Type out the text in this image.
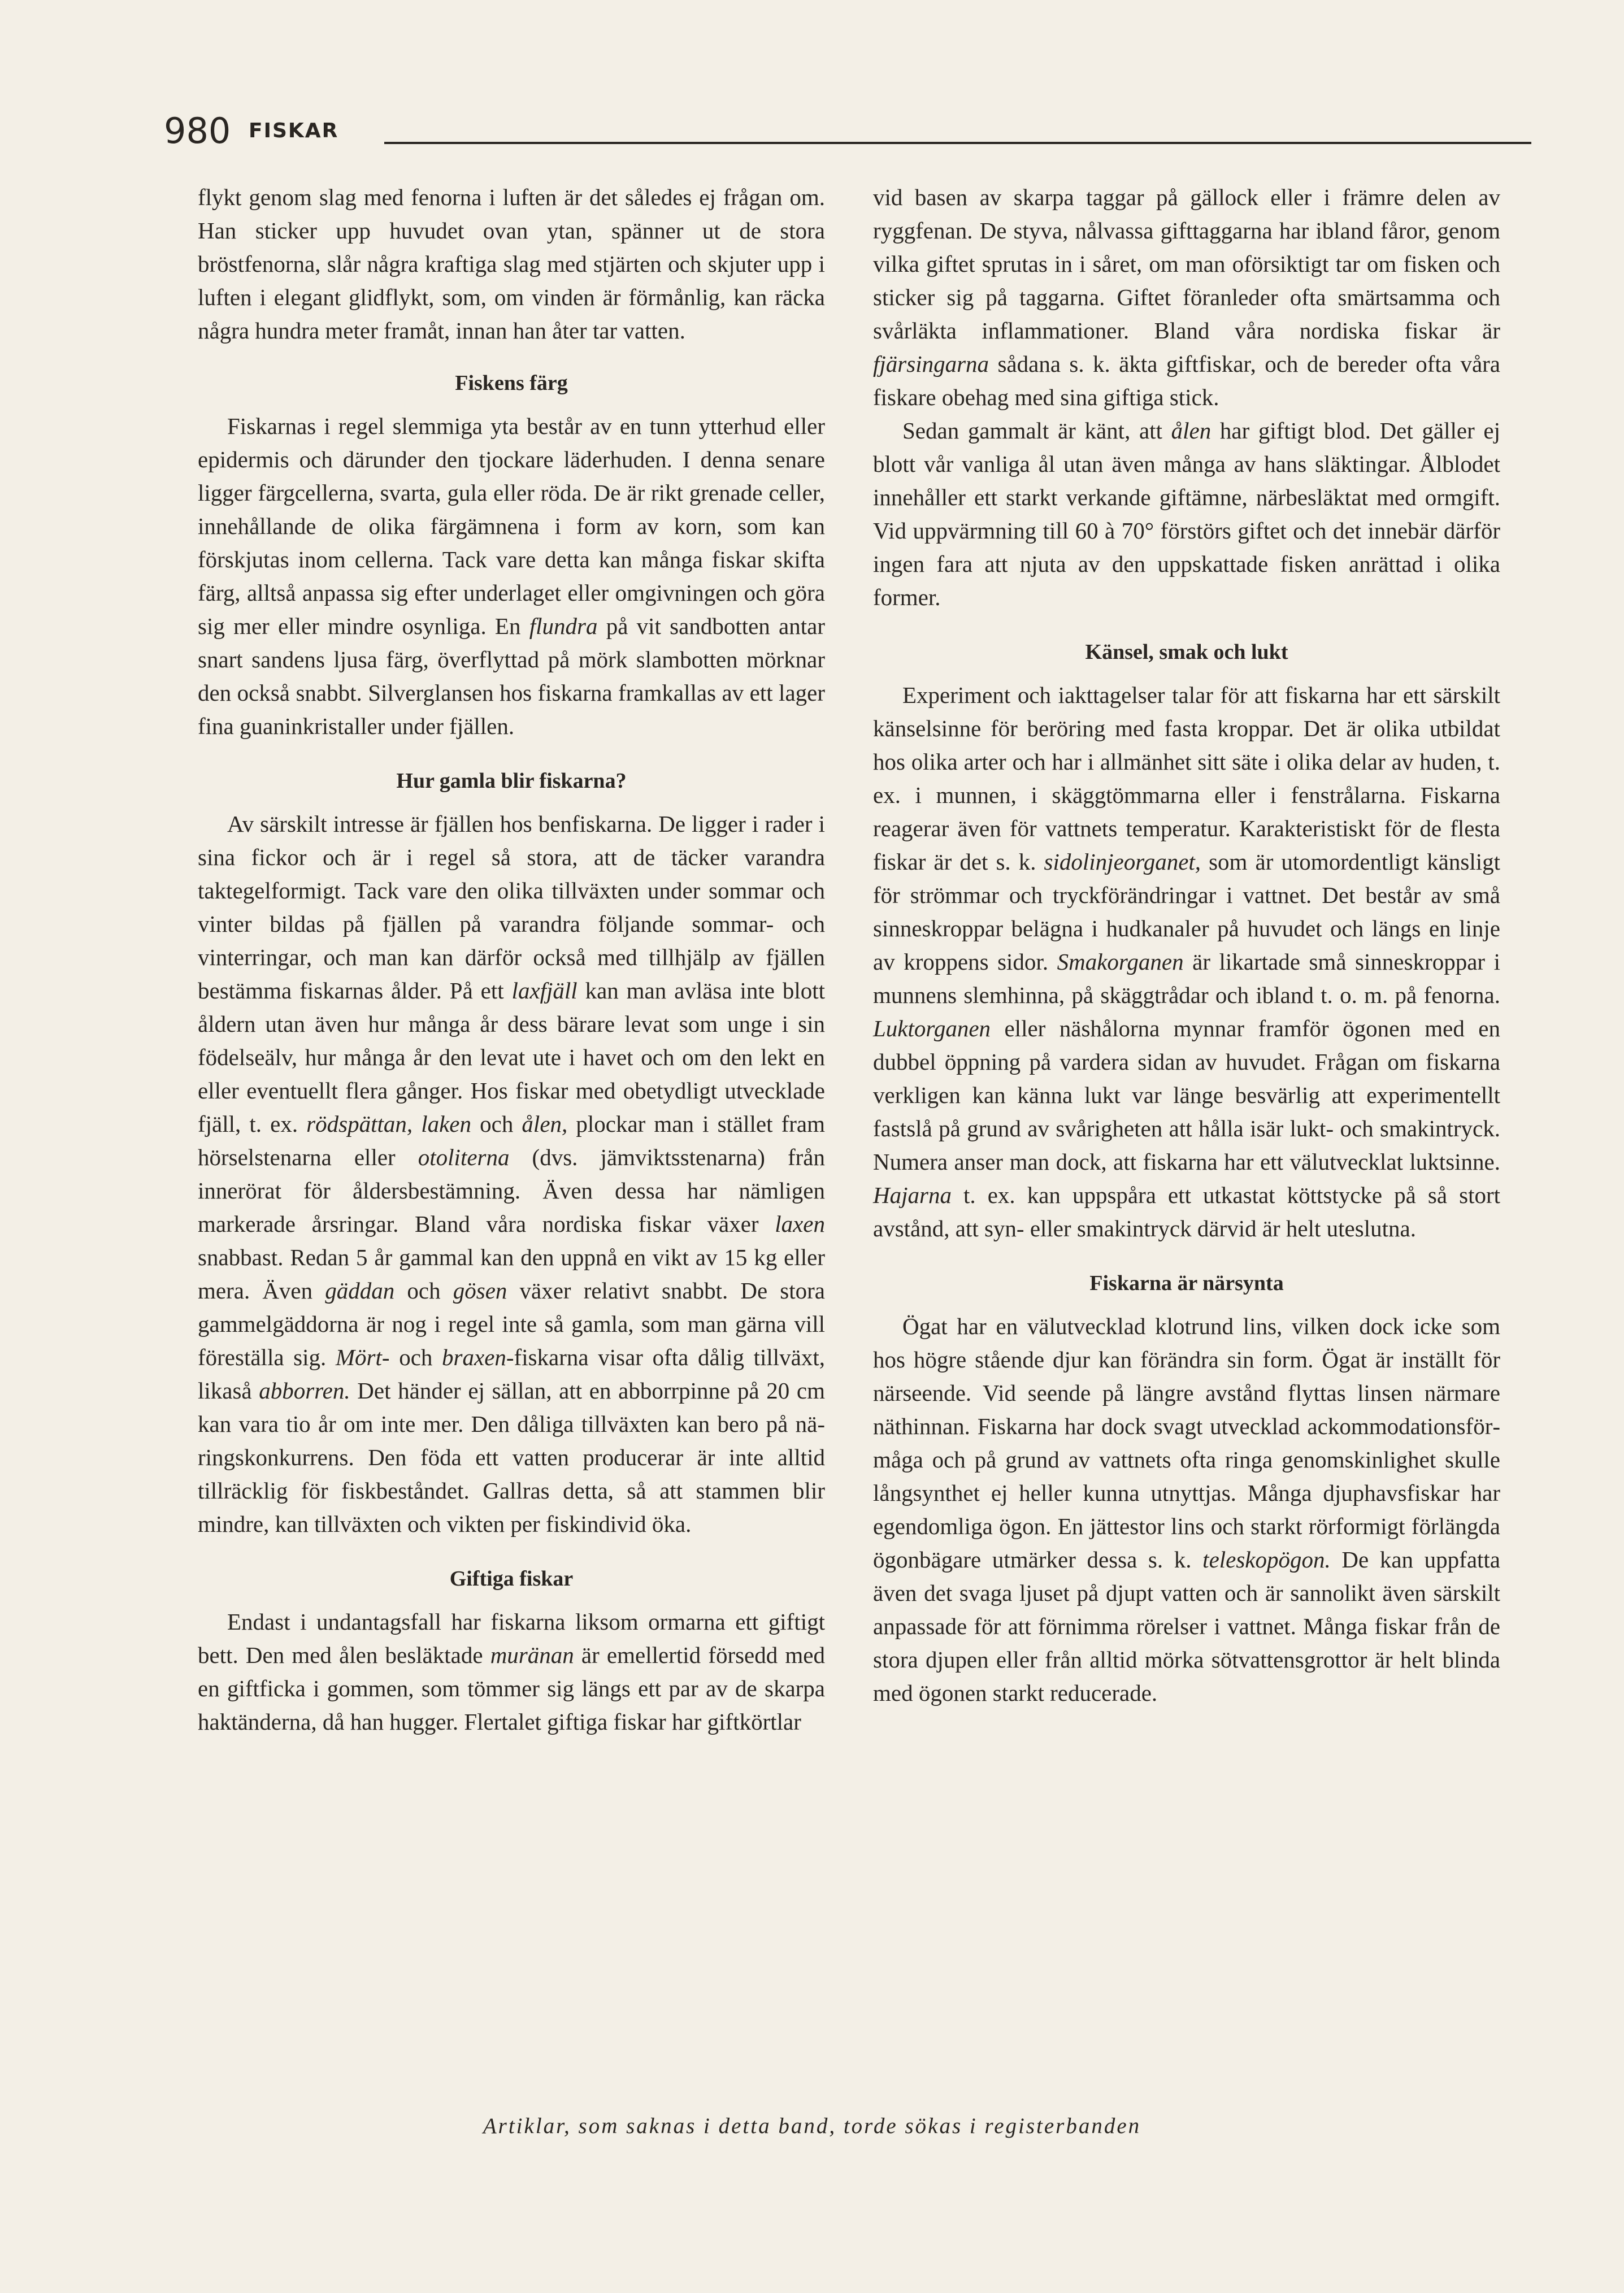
980 FISKAR

flykt genom slag med fenorna i luften är det således ej frågan om. Han sticker upp huvudet ovan ytan, spänner ut de stora bröstfenorna, slår några kraftiga slag med stjärten och skjuter upp i luften i elegant glidflykt, som, om vinden är förmånlig, kan räcka några hundra meter framåt, innan han åter tar vatten.

Fiskens färg

Fiskarnas i regel slemmiga yta består av en tunn ytterhud eller epidermis och därunder den tjockare läderhuden. I denna senare ligger färgcellerna, svarta, gula eller röda. De är rikt grenade celler, innehållande de olika färgämnena i form av korn, som kan förskjutas inom cellerna. Tack vare detta kan många fiskar skifta färg, alltså anpassa sig efter underlaget eller omgivningen och göra sig mer eller mindre osynliga. En flundra på vit sandbotten antar snart sandens ljusa färg, överflyttad på mörk slambotten mörknar den också snabbt. Silverglansen hos fiskarna framkallas av ett lager fina guaninkristaller under fjällen.

Hur gamla blir fiskarna?

Av särskilt intresse är fjällen hos benfiskarna. De ligger i rader i sina fickor och är i regel så stora, att de täcker varandra taktegelformigt. Tack vare den olika tillväxten under sommar och vinter bildas på fjällen på varandra följande sommar- och vinterringar, och man kan därför också med tillhjälp av fjällen bestämma fiskarnas ålder. På ett laxfjäll kan man avläsa inte blott åldern utan även hur många år dess bärare levat som unge i sin födelseälv, hur många år den levat ute i havet och om den lekt en eller eventuellt flera gånger. Hos fiskar med obetydligt utvecklade fjäll, t. ex. rödspättan, laken och ålen, plockar man i stället fram hörselstenarna eller otoliterna (dvs. jämviktsstenarna) från innerörat för åldersbestämning. Även dessa har nämligen markerade årsringar. Bland våra nordiska fiskar växer laxen snabbast. Redan 5 år gammal kan den uppnå en vikt av 15 kg eller mera. Även gäddan och gösen växer relativt snabbt. De stora gammelgäddorna är nog i regel inte så gamla, som man gärna vill föreställa sig. Mört- och braxen-fiskarna visar ofta dålig tillväxt, likaså abborren. Det händer ej sällan, att en abborrpinne på 20 cm kan vara tio år om inte mer. Den dåliga tillväxten kan bero på näringskonkurrens. Den föda ett vatten producerar är inte alltid tillräcklig för fiskbeståndet. Gallras detta, så att stammen blir mindre, kan tillväxten och vikten per fiskindivid öka.

Giftiga fiskar

Endast i undantagsfall har fiskarna liksom ormarna ett giftigt bett. Den med ålen besläktade muränan är emellertid försedd med en giftficka i gommen, som tömmer sig längs ett par av de skarpa haktänderna, då han hugger. Flertalet giftiga fiskar har giftkörtlar

vid basen av skarpa taggar på gällock eller i främre delen av ryggfenan. De styva, nålvassa gifttaggarna har ibland fåror, genom vilka giftet sprutas in i såret, om man oförsiktigt tar om fisken och sticker sig på taggarna. Giftet föranleder ofta smärtsamma och svårläkta inflammationer. Bland våra nordiska fiskar är fjärsingarna sådana s. k. äkta giftfiskar, och de bereder ofta våra fiskare obehag med sina giftiga stick.

Sedan gammalt är känt, att ålen har giftigt blod. Det gäller ej blott vår vanliga ål utan även många av hans släktingar. Ålblodet innehåller ett starkt verkande giftämne, närbesläktat med ormgift. Vid uppvärmning till 60 à 70° förstörs giftet och det innebär därför ingen fara att njuta av den uppskattade fisken anrättad i olika former.

Känsel, smak och lukt

Experiment och iakttagelser talar för att fiskarna har ett särskilt känselsinne för beröring med fasta kroppar. Det är olika utbildat hos olika arter och har i allmänhet sitt säte i olika delar av huden, t. ex. i munnen, i skäggtömmarna eller i fenstrålarna. Fiskarna reagerar även för vattnets temperatur. Karakteristiskt för de flesta fiskar är det s. k. sidolinjeorganet, som är utomordentligt känsligt för strömmar och tryckförändringar i vattnet. Det består av små sinneskroppar belägna i hudkanaler på huvudet och längs en linje av kroppens sidor. Smakorganen är likartade små sinneskroppar i munnens slemhinna, på skäggtrådar och ibland t. o. m. på fenorna. Luktorganen eller näshålorna mynnar framför ögonen med en dubbel öppning på vardera sidan av huvudet. Frågan om fiskarna verkligen kan känna lukt var länge besvärlig att experimentellt fastslå på grund av svårigheten att hålla isär lukt- och smakintryck. Numera anser man dock, att fiskarna har ett välutvecklat luktsinne. Hajarna t. ex. kan uppspåra ett utkastat köttstycke på så stort avstånd, att syn- eller smakintryck därvid är helt uteslutna.

Fiskarna är närsynta

Ögat har en välutvecklad klotrund lins, vilken dock icke som hos högre stående djur kan förändra sin form. Ögat är inställt för närseende. Vid seende på längre avstånd flyttas linsen närmare näthinnan. Fiskarna har dock svagt utvecklad ackommodationsförmåga och på grund av vattnets ofta ringa genomskinlighet skulle långsynthet ej heller kunna utnyttjas. Många djuphavsfiskar har egendomliga ögon. En jättestor lins och starkt rörformigt förlängda ögonbägare utmärker dessa s. k. teleskopögon. De kan uppfatta även det svaga ljuset på djupt vatten och är sannolikt även särskilt anpassade för att förnimma rörelser i vattnet. Många fiskar från de stora djupen eller från alltid mörka sötvattensgrottor är helt blinda med ögonen starkt reducerade.

Artiklar, som saknas i detta band, torde sökas i registerbanden
